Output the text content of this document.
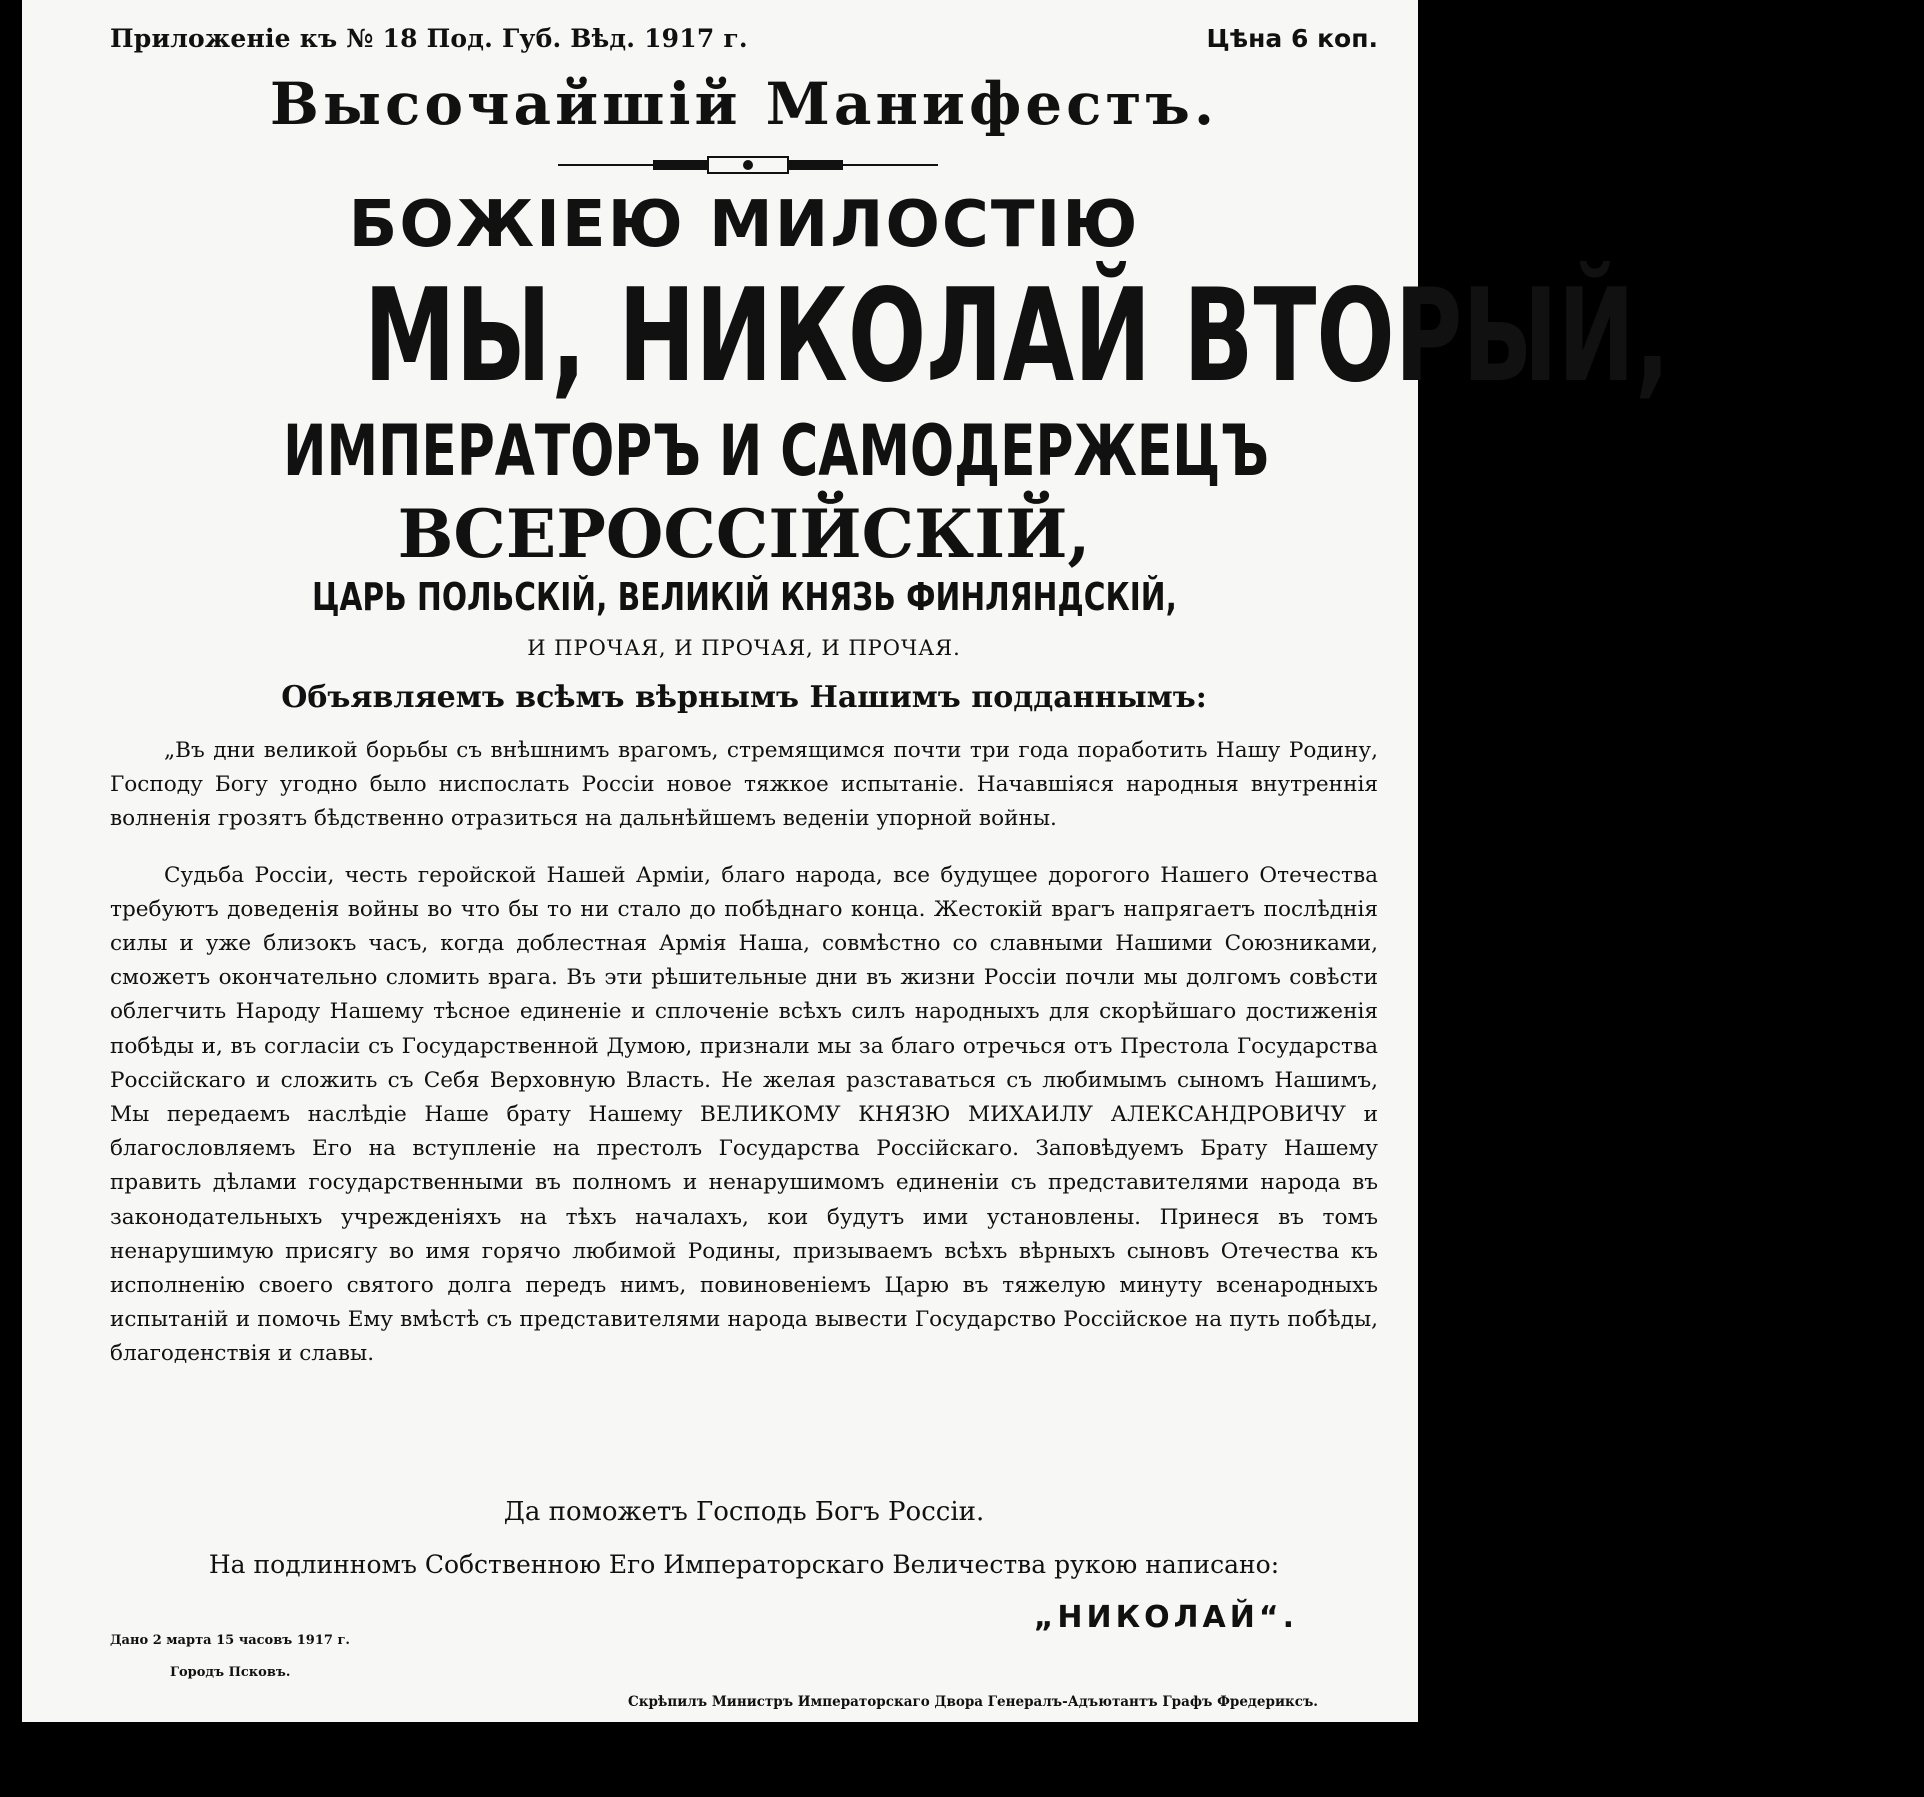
Приложеніе къ № 18 Под. Губ. Вѣд. 1917 г.	Цѣна 6 коп.
Высочайшій Манифестъ.
БОЖІЕЮ МИЛОСТІЮ
МЫ, НИКОЛАЙ ВТОРЫЙ,
ИМПЕРАТОРЪ И САМОДЕРЖЕЦЪ
ВСЕРОССІЙСКІЙ,
ЦАРЬ ПОЛЬСКІЙ, ВЕЛИКІЙ КНЯЗЬ ФИНЛЯНДСКІЙ,
И ПРОЧАЯ, И ПРОЧАЯ, И ПРОЧАЯ.
Объявляемъ всѣмъ вѣрнымъ Нашимъ подданнымъ:

„Въ дни великой борьбы съ внѣшнимъ врагомъ, стремящимся почти три года поработить Нашу Родину, Господу Богу угодно было ниспослать Россіи новое тяжкое испытаніе. Начавшіяся народныя внутреннія волненія грозятъ бѣдственно отразиться на дальнѣйшемъ веденіи упорной войны.

Судьба Россіи, честь геройской Нашей Арміи, благо народа, все будущее дорогого Нашего Отечества требуютъ доведенія войны во что бы то ни стало до побѣднаго конца. Жестокій врагъ напрягаетъ послѣднія силы и уже близокъ часъ, когда доблестная Армія Наша, совмѣстно со славными Нашими Союзниками, сможетъ окончательно сломить врага. Въ эти рѣшительные дни въ жизни Россіи почли мы долгомъ совѣсти облегчить Народу Нашему тѣсное единеніе и сплоченіе всѣхъ силъ народныхъ для скорѣйшаго достиженія побѣды и, въ согласіи съ Государственной Думою, признали мы за благо отречься отъ Престола Государства Россійскаго и сложить съ Себя Верховную Власть. Не желая разставаться съ любимымъ сыномъ Нашимъ, Мы передаемъ наслѣдіе Наше брату Нашему ВЕЛИКОМУ КНЯЗЮ МИХАИЛУ АЛЕКСАНДРОВИЧУ и благословляемъ Его на вступленіе на престолъ Государства Россійскаго. Заповѣдуемъ Брату Нашему править дѣлами государственными въ полномъ и ненарушимомъ единеніи съ представителями народа въ законодательныхъ учрежденіяхъ на тѣхъ началахъ, кои будутъ ими установлены. Принеся въ томъ ненарушимую присягу во имя горячо любимой Родины, призываемъ всѣхъ вѣрныхъ сыновъ Отечества къ исполненію своего святого долга передъ нимъ, повиновеніемъ Царю въ тяжелую минуту всенародныхъ испытаній и помочь Ему вмѣстѣ съ представителями народа вывести Государство Россійское на путь побѣды, благоденствія и славы.

Да поможетъ Господь Богъ Россіи.
На подлинномъ Собственною Его Императорскаго Величества рукою написано:
„НИКОЛАЙ“.
Дано 2 марта 15 часовъ 1917 г.
Городъ Псковъ.
Скрѣпилъ Министръ Императорскаго Двора Генералъ-Адъютантъ Графъ Фредериксъ.
